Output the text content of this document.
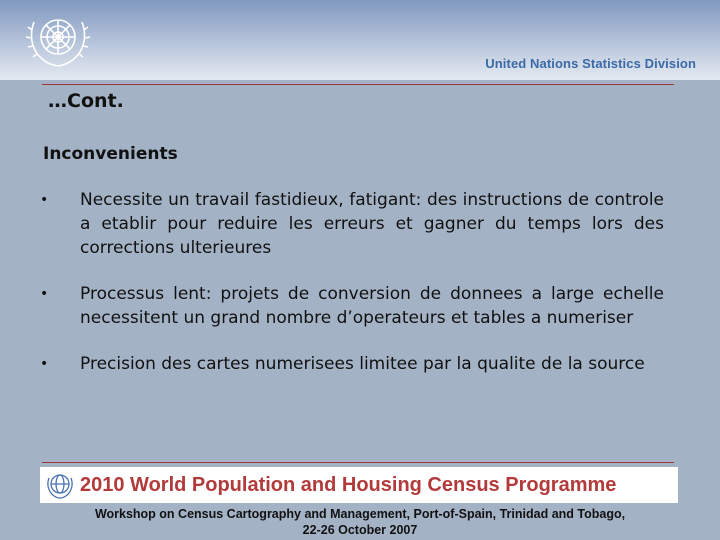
United Nations Statistics Division
…Cont.
Inconvenients
• Necessite un travail fastidieux, fatigant: des instructions de controle a etablir pour reduire les erreurs et gagner du temps lors des corrections ulterieures
• Processus lent: projets de conversion de donnees a large echelle necessitent un grand nombre d’operateurs et tables a numeriser
• Precision des cartes numerisees limitee par la qualite de la source
2010 World Population and Housing Census Programme
Workshop on Census Cartography and Management, Port-of-Spain, Trinidad and Tobago,
22-26 October 2007
